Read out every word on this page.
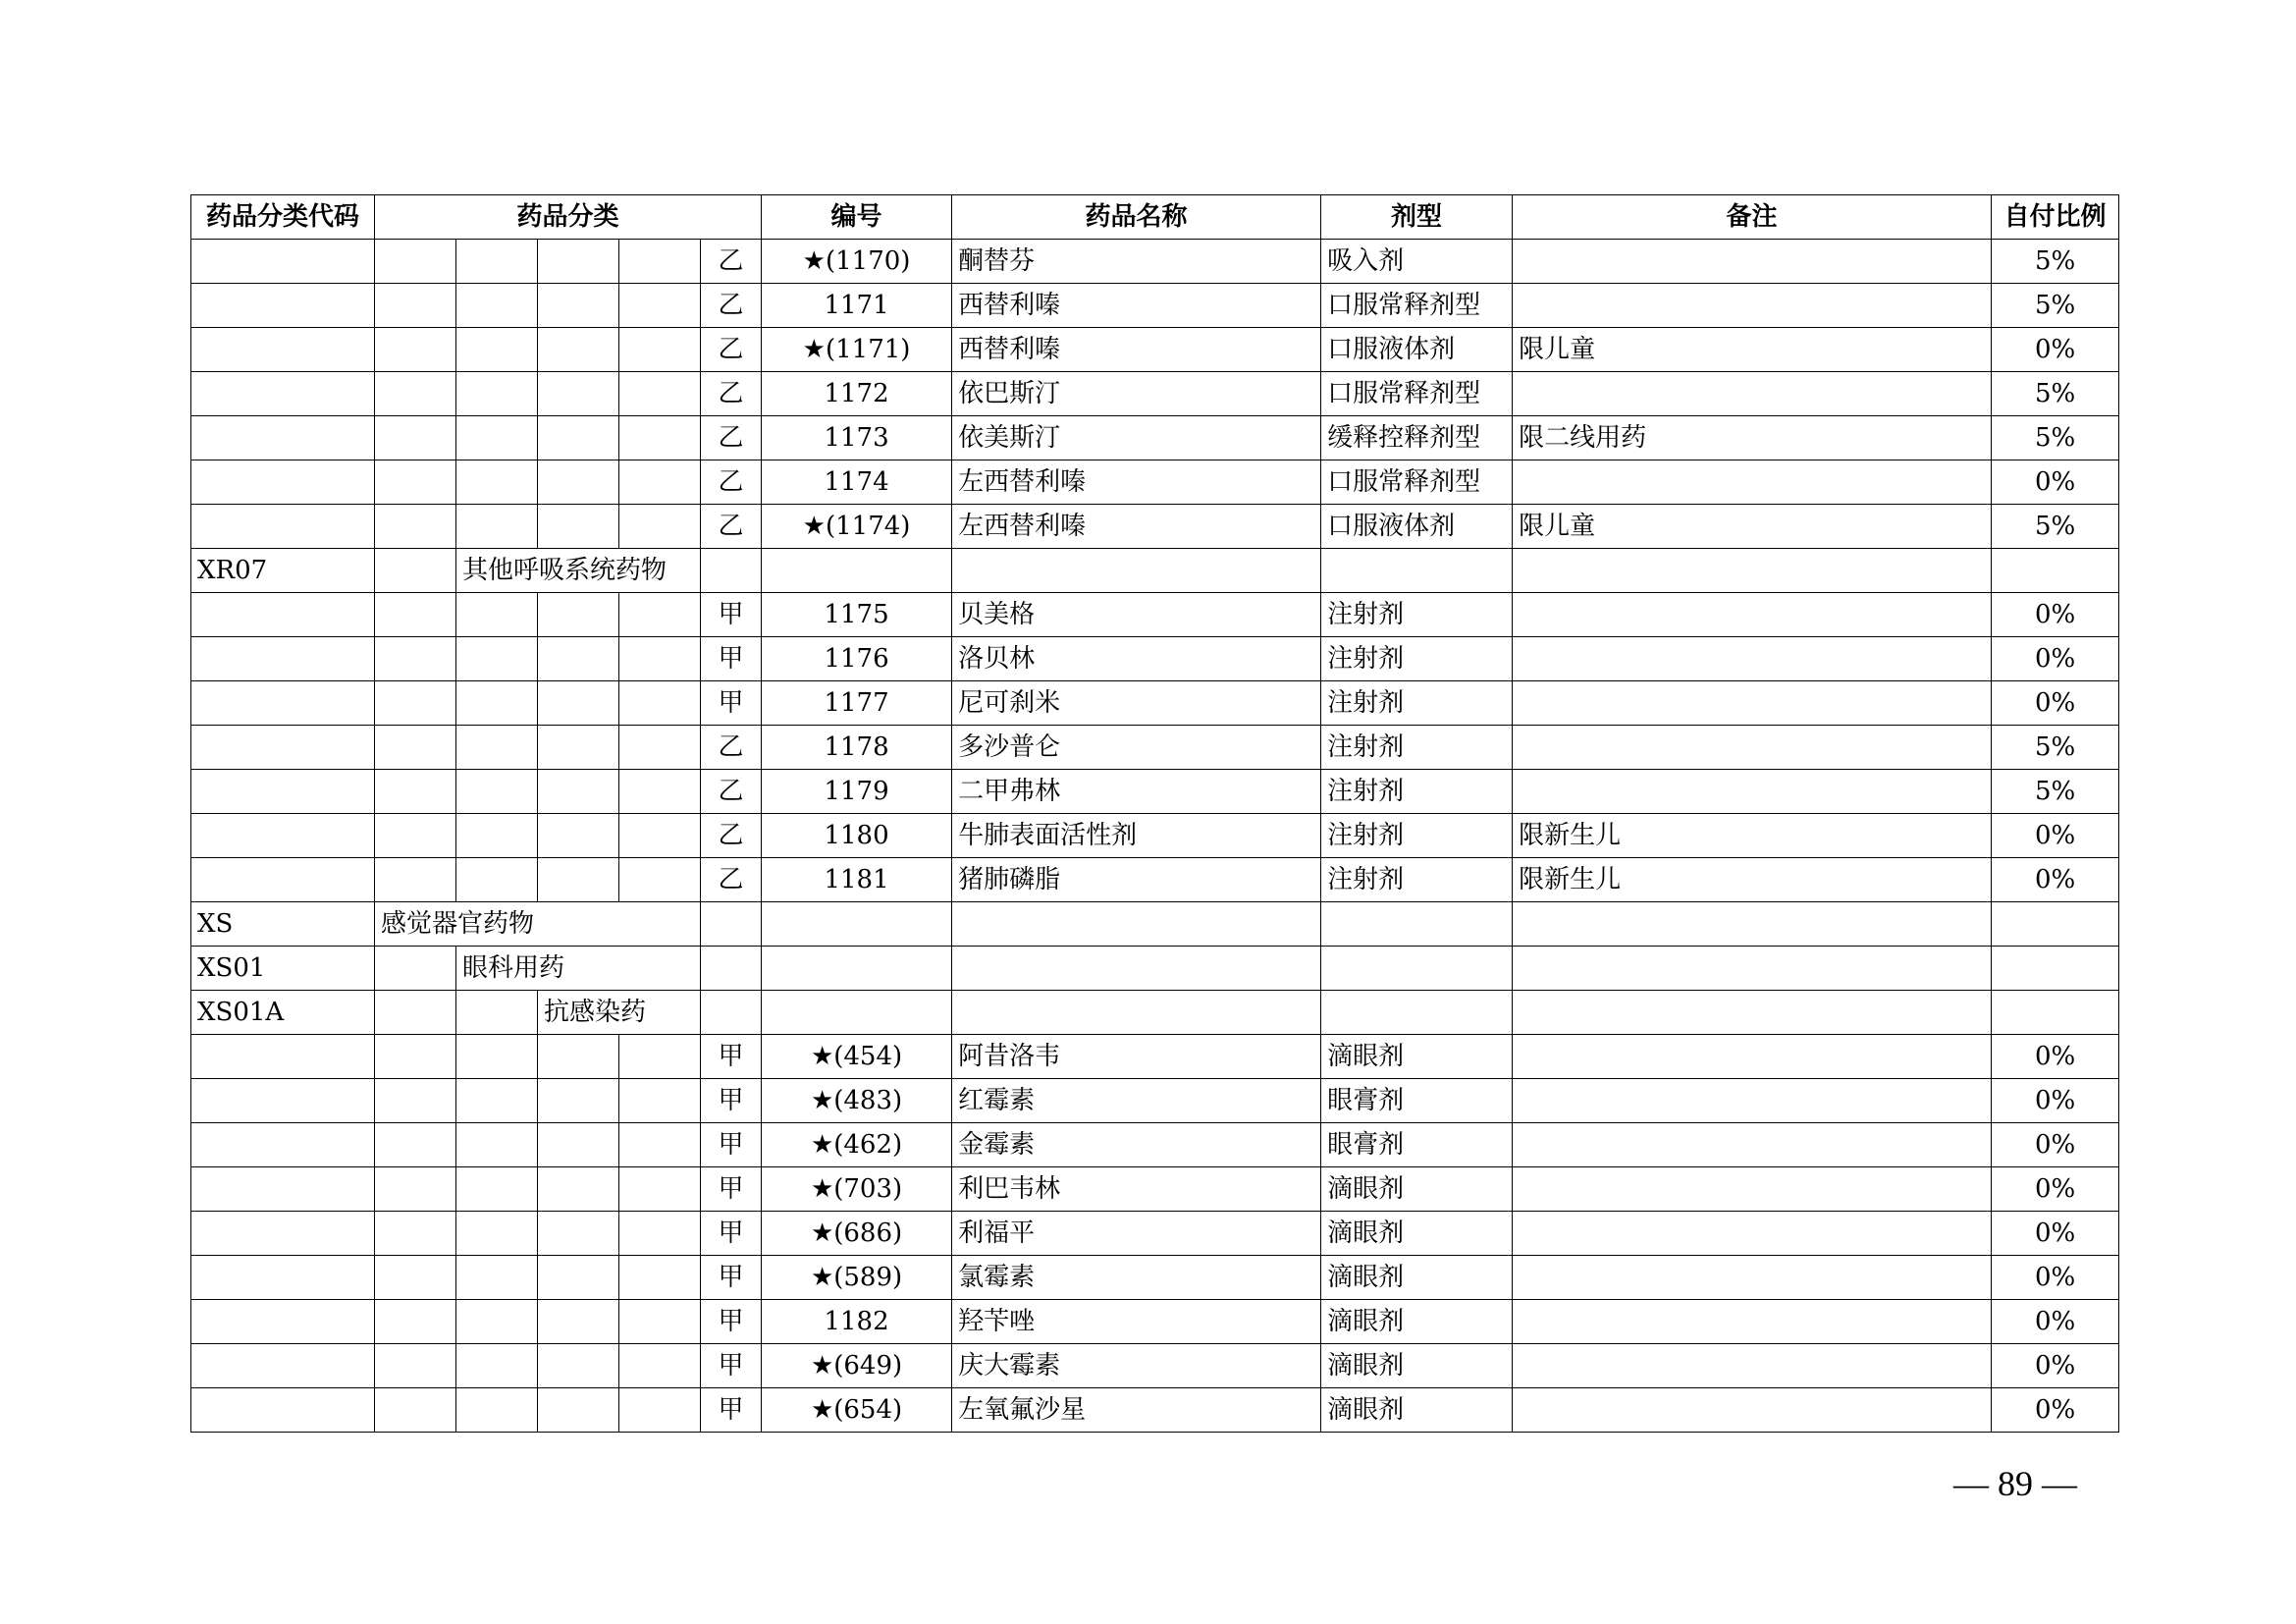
药品分类代码	药品分类					编号	药品名称	剂型	备注	自付比例
					乙	★(1170)	酮替芬	吸入剂		5%
					乙	1171	西替利嗪	口服常释剂型		5%
					乙	★(1171)	西替利嗪	口服液体剂	限儿童	0%
					乙	1172	依巴斯汀	口服常释剂型		5%
					乙	1173	依美斯汀	缓释控释剂型	限二线用药	5%
					乙	1174	左西替利嗪	口服常释剂型		0%
					乙	★(1174)	左西替利嗪	口服液体剂	限儿童	5%
XR07		其他呼吸系统药物								
					甲	1175	贝美格	注射剂		0%
					甲	1176	洛贝林	注射剂		0%
					甲	1177	尼可刹米	注射剂		0%
					乙	1178	多沙普仑	注射剂		5%
					乙	1179	二甲弗林	注射剂		5%
					乙	1180	牛肺表面活性剂	注射剂	限新生儿	0%
					乙	1181	猪肺磷脂	注射剂	限新生儿	0%
XS	感觉器官药物									
XS01		眼科用药								
XS01A			抗感染药							
					甲	★(454)	阿昔洛韦	滴眼剂		0%
					甲	★(483)	红霉素	眼膏剂		0%
					甲	★(462)	金霉素	眼膏剂		0%
					甲	★(703)	利巴韦林	滴眼剂		0%
					甲	★(686)	利福平	滴眼剂		0%
					甲	★(589)	氯霉素	滴眼剂		0%
					甲	1182	羟苄唑	滴眼剂		0%
					甲	★(649)	庆大霉素	滴眼剂		0%
					甲	★(654)	左氧氟沙星	滴眼剂		0%
— 89 —
